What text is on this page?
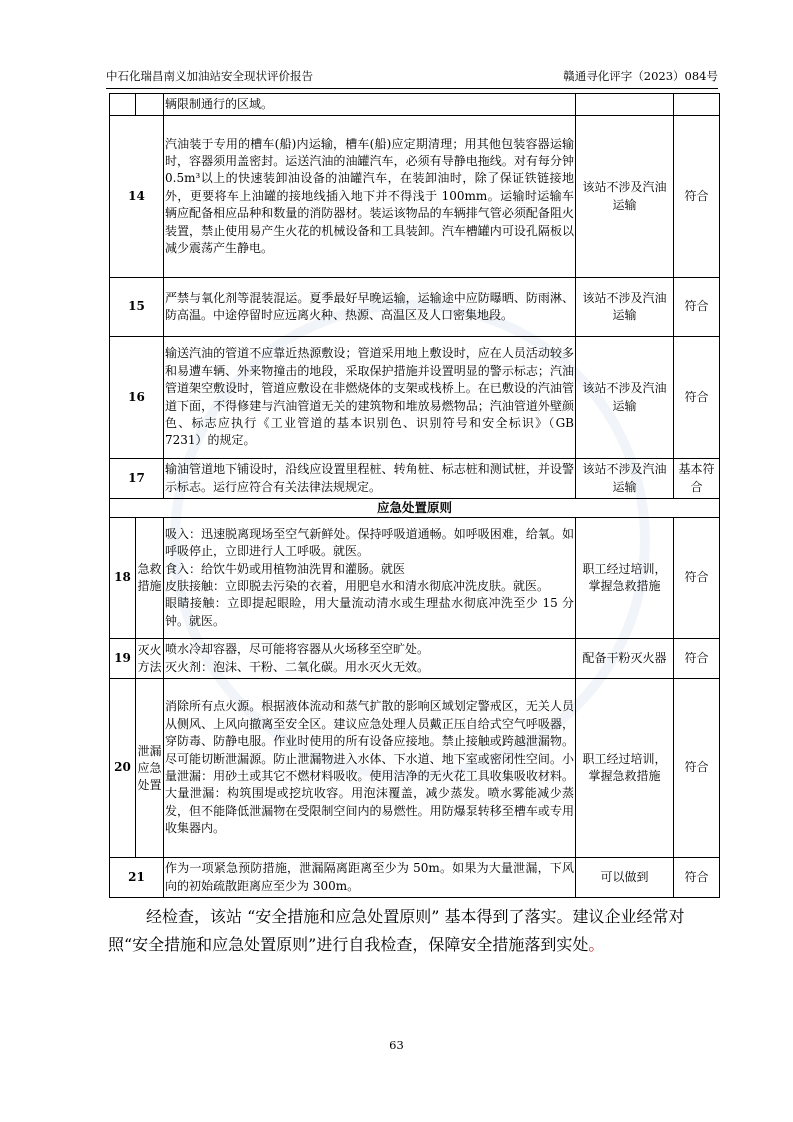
中石化瑞昌南义加油站安全现状评价报告	赣通寻化评字（2023）084号
		辆限制通行的区域。		
14		汽油装于专用的槽车(船)内运输，槽车(船)应定期清理；用其他包装容器运输时，容器须用盖密封。运送汽油的油罐汽车，必须有导静电拖线。对有每分钟 0.5m³以上的快速装卸油设备的油罐汽车，在装卸油时，除了保证铁链接地外，更要将车上油罐的接地线插入地下并不得浅于 100mm。运输时运输车辆应配备相应品种和数量的消防器材。装运该物品的车辆排气管必须配备阻火装置，禁止使用易产生火花的机械设备和工具装卸。汽车槽罐内可设孔隔板以减少震荡产生静电。	该站不涉及汽油运输	符合
15		严禁与氧化剂等混装混运。夏季最好早晚运输，运输途中应防曝晒、防雨淋、防高温。中途停留时应远离火种、热源、高温区及人口密集地段。	该站不涉及汽油运输	符合
16		输送汽油的管道不应靠近热源敷设；管道采用地上敷设时，应在人员活动较多和易遭车辆、外来物撞击的地段，采取保护措施并设置明显的警示标志；汽油管道架空敷设时，管道应敷设在非燃烧体的支架或栈桥上。在已敷设的汽油管道下面，不得修建与汽油管道无关的建筑物和堆放易燃物品；汽油管道外壁颜色、标志应执行《工业管道的基本识别色、识别符号和安全标识》（GB 7231）的规定。	该站不涉及汽油运输	符合
17		输油管道地下铺设时，沿线应设置里程桩、转角桩、标志桩和测试桩，并设警示标志。运行应符合有关法律法规规定。	该站不涉及汽油运输	基本符合
应急处置原则				
18	急救措施	吸入：迅速脱离现场至空气新鲜处。保持呼吸道通畅。如呼吸困难，给氧。如呼吸停止，立即进行人工呼吸。就医。
食入：给饮牛奶或用植物油洗胃和灌肠。就医
皮肤接触：立即脱去污染的衣着，用肥皂水和清水彻底冲洗皮肤。就医。
眼睛接触：立即提起眼睑，用大量流动清水或生理盐水彻底冲洗至少 15 分钟。就医。	职工经过培训，掌握急救措施	符合
19	灭火方法	喷水冷却容器，尽可能将容器从火场移至空旷处。
灭火剂：泡沫、干粉、二氧化碳。用水灭火无效。	配备干粉灭火器	符合
20	泄漏应急处置	消除所有点火源。根据液体流动和蒸气扩散的影响区域划定警戒区，无关人员从侧风、上风向撤离至安全区。建议应急处理人员戴正压自给式空气呼吸器，穿防毒、防静电服。作业时使用的所有设备应接地。禁止接触或跨越泄漏物。尽可能切断泄漏源。防止泄漏物进入水体、下水道、地下室或密闭性空间。小量泄漏：用砂土或其它不燃材料吸收。使用洁净的无火花工具收集吸收材料。大量泄漏：构筑围堤或挖坑收容。用泡沫覆盖，减少蒸发。喷水雾能减少蒸发，但不能降低泄漏物在受限制空间内的易燃性。用防爆泵转移至槽车或专用收集器内。	职工经过培训，掌握急救措施	符合
21		作为一项紧急预防措施，泄漏隔离距离至少为 50m。如果为大量泄漏，下风向的初始疏散距离应至少为 300m。	可以做到	符合
经检查，该站 “安全措施和应急处置原则” 基本得到了落实。建议企业经常对照“安全措施和应急处置原则”进行自我检查，保障安全措施落到实处。
63
